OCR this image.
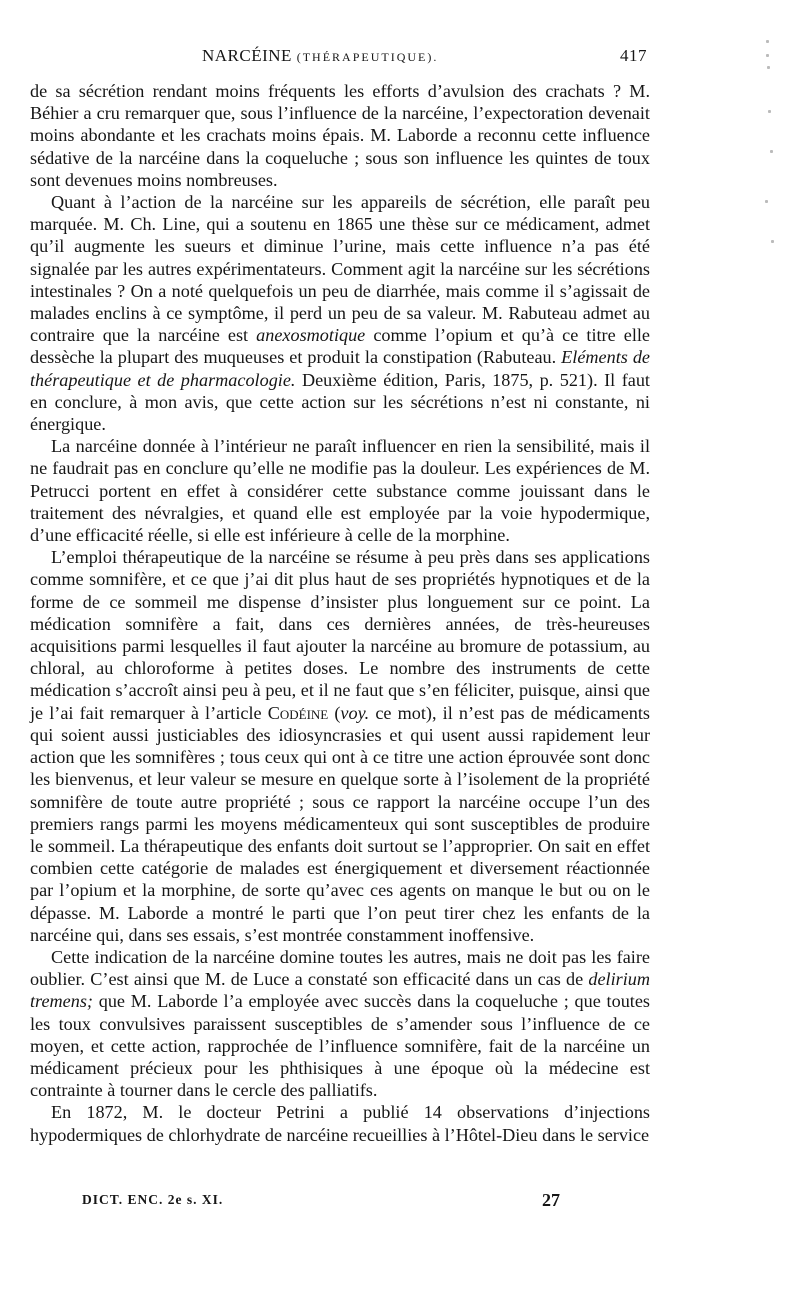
NARCÉINE (THÉRAPEUTIQUE).	417

de sa sécrétion rendant moins fréquents les efforts d’avulsion des crachats ? M. Béhier a cru remarquer que, sous l’influence de la narcéine, l’expectoration devenait moins abondante et les crachats moins épais. M. Laborde a reconnu cette influence sédative de la narcéine dans la coqueluche ; sous son influence les quintes de toux sont devenues moins nombreuses.

Quant à l’action de la narcéine sur les appareils de sécrétion, elle paraît peu marquée. M. Ch. Line, qui a soutenu en 1865 une thèse sur ce médicament, admet qu’il augmente les sueurs et diminue l’urine, mais cette influence n’a pas été signalée par les autres expérimentateurs. Comment agit la narcéine sur les sécrétions intestinales ? On a noté quelquefois un peu de diarrhée, mais comme il s’agissait de malades enclins à ce symptôme, il perd un peu de sa valeur. M. Rabuteau admet au contraire que la narcéine est anexosmotique comme l’opium et qu’à ce titre elle dessèche la plupart des muqueuses et produit la constipation (Rabuteau. Eléments de thérapeutique et de pharmacologie. Deuxième édition, Paris, 1875, p. 521). Il faut en conclure, à mon avis, que cette action sur les sécrétions n’est ni constante, ni énergique.

La narcéine donnée à l’intérieur ne paraît influencer en rien la sensibilité, mais il ne faudrait pas en conclure qu’elle ne modifie pas la douleur. Les expériences de M. Petrucci portent en effet à considérer cette substance comme jouissant dans le traitement des névralgies, et quand elle est employée par la voie hypodermique, d’une efficacité réelle, si elle est inférieure à celle de la morphine.

L’emploi thérapeutique de la narcéine se résume à peu près dans ses applications comme somnifère, et ce que j’ai dit plus haut de ses propriétés hypnotiques et de la forme de ce sommeil me dispense d’insister plus longuement sur ce point. La médication somnifère a fait, dans ces dernières années, de très-heureuses acquisitions parmi lesquelles il faut ajouter la narcéine au bromure de potassium, au chloral, au chloroforme à petites doses. Le nombre des instruments de cette médication s’accroît ainsi peu à peu, et il ne faut que s’en féliciter, puisque, ainsi que je l’ai fait remarquer à l’article Codéine (voy. ce mot), il n’est pas de médicaments qui soient aussi justiciables des idiosyncrasies et qui usent aussi rapidement leur action que les somnifères ; tous ceux qui ont à ce titre une action éprouvée sont donc les bienvenus, et leur valeur se mesure en quelque sorte à l’isolement de la propriété somnifère de toute autre propriété ; sous ce rapport la narcéine occupe l’un des premiers rangs parmi les moyens médicamenteux qui sont susceptibles de produire le sommeil. La thérapeutique des enfants doit surtout se l’approprier. On sait en effet combien cette catégorie de malades est énergiquement et diversement réactionnée par l’opium et la morphine, de sorte qu’avec ces agents on manque le but ou on le dépasse. M. Laborde a montré le parti que l’on peut tirer chez les enfants de la narcéine qui, dans ses essais, s’est montrée constamment inoffensive.

Cette indication de la narcéine domine toutes les autres, mais ne doit pas les faire oublier. C’est ainsi que M. de Luce a constaté son efficacité dans un cas de delirium tremens; que M. Laborde l’a employée avec succès dans la coqueluche ; que toutes les toux convulsives paraissent susceptibles de s’amender sous l’influence de ce moyen, et cette action, rapprochée de l’influence somnifère, fait de la narcéine un médicament précieux pour les phthisiques à une époque où la médecine est contrainte à tourner dans le cercle des palliatifs.

En 1872, M. le docteur Petrini a publié 14 observations d’injections hypodermiques de chlorhydrate de narcéine recueillies à l’Hôtel-Dieu dans le service

DICT. ENC. 2e s. XI.	27
